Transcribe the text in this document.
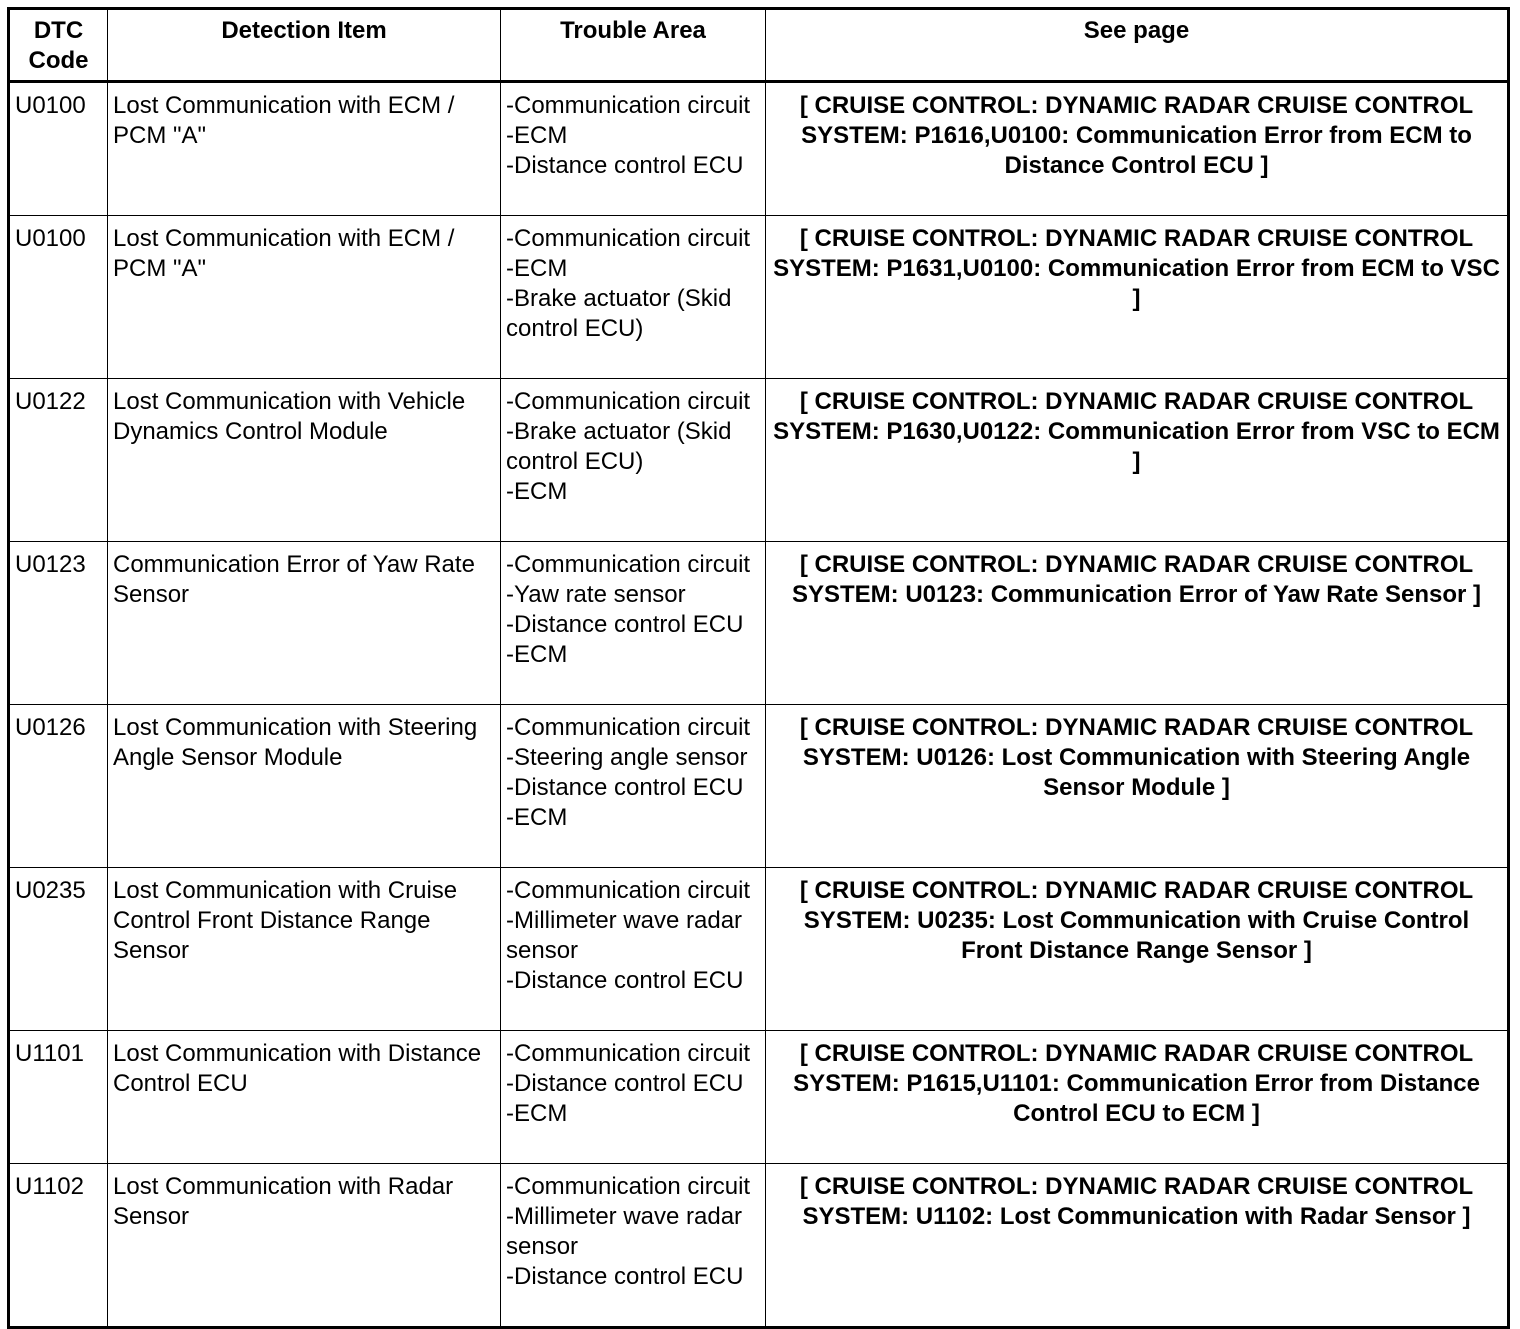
DTC Code	Detection Item	Trouble Area	See page
U0100	Lost Communication with ECM / PCM "A"	-Communication circuit
-ECM
-Distance control ECU	[ CRUISE CONTROL: DYNAMIC RADAR CRUISE CONTROL SYSTEM: P1616,U0100: Communication Error from ECM to Distance Control ECU ]
U0100	Lost Communication with ECM / PCM "A"	-Communication circuit
-ECM
-Brake actuator (Skid control ECU)	[ CRUISE CONTROL: DYNAMIC RADAR CRUISE CONTROL SYSTEM: P1631,U0100: Communication Error from ECM to VSC ]
U0122	Lost Communication with Vehicle Dynamics Control Module	-Communication circuit
-Brake actuator (Skid control ECU)
-ECM	[ CRUISE CONTROL: DYNAMIC RADAR CRUISE CONTROL SYSTEM: P1630,U0122: Communication Error from VSC to ECM ]
U0123	Communication Error of Yaw Rate Sensor	-Communication circuit
-Yaw rate sensor
-Distance control ECU
-ECM	[ CRUISE CONTROL: DYNAMIC RADAR CRUISE CONTROL SYSTEM: U0123: Communication Error of Yaw Rate Sensor ]
U0126	Lost Communication with Steering Angle Sensor Module	-Communication circuit
-Steering angle sensor
-Distance control ECU
-ECM	[ CRUISE CONTROL: DYNAMIC RADAR CRUISE CONTROL SYSTEM: U0126: Lost Communication with Steering Angle Sensor Module ]
U0235	Lost Communication with Cruise Control Front Distance Range Sensor	-Communication circuit
-Millimeter wave radar sensor
-Distance control ECU	[ CRUISE CONTROL: DYNAMIC RADAR CRUISE CONTROL SYSTEM: U0235: Lost Communication with Cruise Control Front Distance Range Sensor ]
U1101	Lost Communication with Distance Control ECU	-Communication circuit
-Distance control ECU
-ECM	[ CRUISE CONTROL: DYNAMIC RADAR CRUISE CONTROL SYSTEM: P1615,U1101: Communication Error from Distance Control ECU to ECM ]
U1102	Lost Communication with Radar Sensor	-Communication circuit
-Millimeter wave radar sensor
-Distance control ECU	[ CRUISE CONTROL: DYNAMIC RADAR CRUISE CONTROL SYSTEM: U1102: Lost Communication with Radar Sensor ]
